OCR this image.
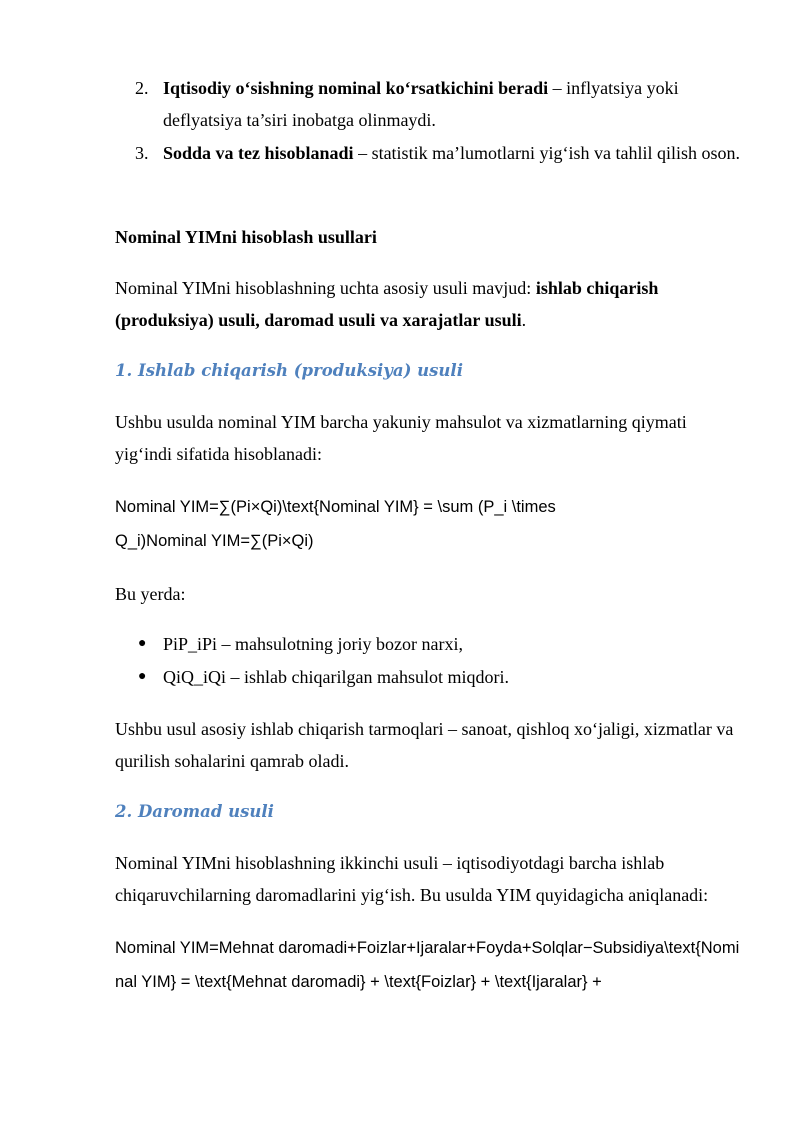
2. Iqtisodiy o‘sishning nominal ko‘rsatkichini beradi – inflyatsiya yoki deflyatsiya ta’siri inobatga olinmaydi.
3. Sodda va tez hisoblanadi – statistik ma’lumotlarni yig‘ish va tahlil qilish oson.
Nominal YIMni hisoblash usullari
Nominal YIMni hisoblashning uchta asosiy usuli mavjud: ishlab chiqarish (produksiya) usuli, daromad usuli va xarajatlar usuli.
1. Ishlab chiqarish (produksiya) usuli
Ushbu usulda nominal YIM barcha yakuniy mahsulot va xizmatlarning qiymati yig‘indi sifatida hisoblanadi:
Nominal YIM=∑(Pi×Qi)\text{Nominal YIM} = \sum (P_i \times Q_i)Nominal YIM=∑(Pi×Qi)
Bu yerda:
● PiP_iPi – mahsulotning joriy bozor narxi,
● QiQ_iQi – ishlab chiqarilgan mahsulot miqdori.
Ushbu usul asosiy ishlab chiqarish tarmoqlari – sanoat, qishloq xo‘jaligi, xizmatlar va qurilish sohalarini qamrab oladi.
2. Daromad usuli
Nominal YIMni hisoblashning ikkinchi usuli – iqtisodiyotdagi barcha ishlab chiqaruvchilarning daromadlarini yig‘ish. Bu usulda YIM quyidagicha aniqlanadi:
Nominal YIM=Mehnat daromadi+Foizlar+Ijaralar+Foyda+Solqlar−Subsidiya\text{Nominal YIM} = \text{Mehnat daromadi} + \text{Foizlar} + \text{Ijaralar} +
